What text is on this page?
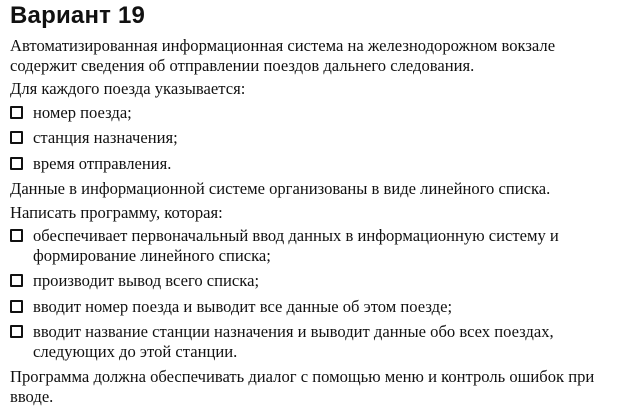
Вариант 19

Автоматизированная информационная система на железнодорожном вокзале содержит сведения об отправлении поездов дальнего следования.

Для каждого поезда указывается:

номер поезда;
станция назначения;
время отправления.

Данные в информационной системе организованы в виде линейного списка.

Написать программу, которая:

обеспечивает первоначальный ввод данных в информационную систему и формирование линейного списка;
производит вывод всего списка;
вводит номер поезда и выводит все данные об этом поезде;
вводит название станции назначения и выводит данные обо всех поездах, следующих до этой станции.

Программа должна обеспечивать диалог с помощью меню и контроль ошибок при вводе.
